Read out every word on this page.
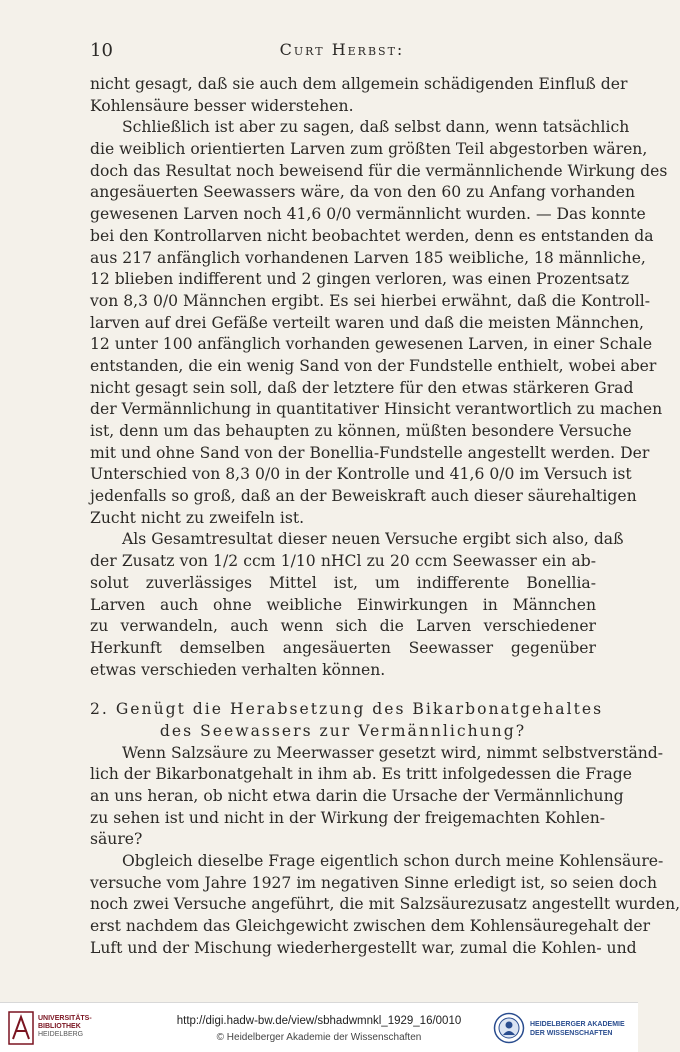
10	Curt Herbst:
nicht gesagt, daß sie auch dem allgemein schädigenden Einfluß der
Kohlensäure besser widerstehen.
Schließlich ist aber zu sagen, daß selbst dann, wenn tatsächlich
die weiblich orientierten Larven zum größten Teil abgestorben wären,
doch das Resultat noch beweisend für die vermännlichende Wirkung des
angesäuerten Seewassers wäre, da von den 60 zu Anfang vorhanden
gewesenen Larven noch 41,6 0/0 vermännlicht wurden. — Das konnte
bei den Kontrollarven nicht beobachtet werden, denn es entstanden da
aus 217 anfänglich vorhandenen Larven 185 weibliche, 18 männliche,
12 blieben indifferent und 2 gingen verloren, was einen Prozentsatz
von 8,3 0/0 Männchen ergibt. Es sei hierbei erwähnt, daß die Kontroll-
larven auf drei Gefäße verteilt waren und daß die meisten Männchen,
12 unter 100 anfänglich vorhanden gewesenen Larven, in einer Schale
entstanden, die ein wenig Sand von der Fundstelle enthielt, wobei aber
nicht gesagt sein soll, daß der letztere für den etwas stärkeren Grad
der Vermännlichung in quantitativer Hinsicht verantwortlich zu machen
ist, denn um das behaupten zu können, müßten besondere Versuche
mit und ohne Sand von der Bonellia-Fundstelle angestellt werden. Der
Unterschied von 8,3 0/0 in der Kontrolle und 41,6 0/0 im Versuch ist
jedenfalls so groß, daß an der Beweiskraft auch dieser säurehaltigen
Zucht nicht zu zweifeln ist.
Als Gesamtresultat dieser neuen Versuche ergibt sich also, daß
der Zusatz von 1/2 ccm 1/10 nHCl zu 20 ccm Seewasser ein ab-
solut zuverlässiges Mittel ist, um indifferente Bonellia-
Larven auch ohne weibliche Einwirkungen in Männchen
zu verwandeln, auch wenn sich die Larven verschiedener
Herkunft demselben angesäuerten Seewasser gegenüber
etwas verschieden verhalten können.
2. Genügt die Herabsetzung des Bikarbonatgehaltes
des Seewassers zur Vermännlichung?
Wenn Salzsäure zu Meerwasser gesetzt wird, nimmt selbstverständ-
lich der Bikarbonatgehalt in ihm ab. Es tritt infolgedessen die Frage
an uns heran, ob nicht etwa darin die Ursache der Vermännlichung
zu sehen ist und nicht in der Wirkung der freigemachten Kohlen-
säure?
Obgleich dieselbe Frage eigentlich schon durch meine Kohlensäure-
versuche vom Jahre 1927 im negativen Sinne erledigt ist, so seien doch
noch zwei Versuche angeführt, die mit Salzsäurezusatz angestellt wurden,
erst nachdem das Gleichgewicht zwischen dem Kohlensäuregehalt der
Luft und der Mischung wiederhergestellt war, zumal die Kohlen- und
UNIVERSITÄTS-
BIBLIOTHEK
HEIDELBERG
http://digi.hadw-bw.de/view/sbhadwmnkl_1929_16/0010
© Heidelberger Akademie der Wissenschaften
HEIDELBERGER AKADEMIE
DER WISSENSCHAFTEN
